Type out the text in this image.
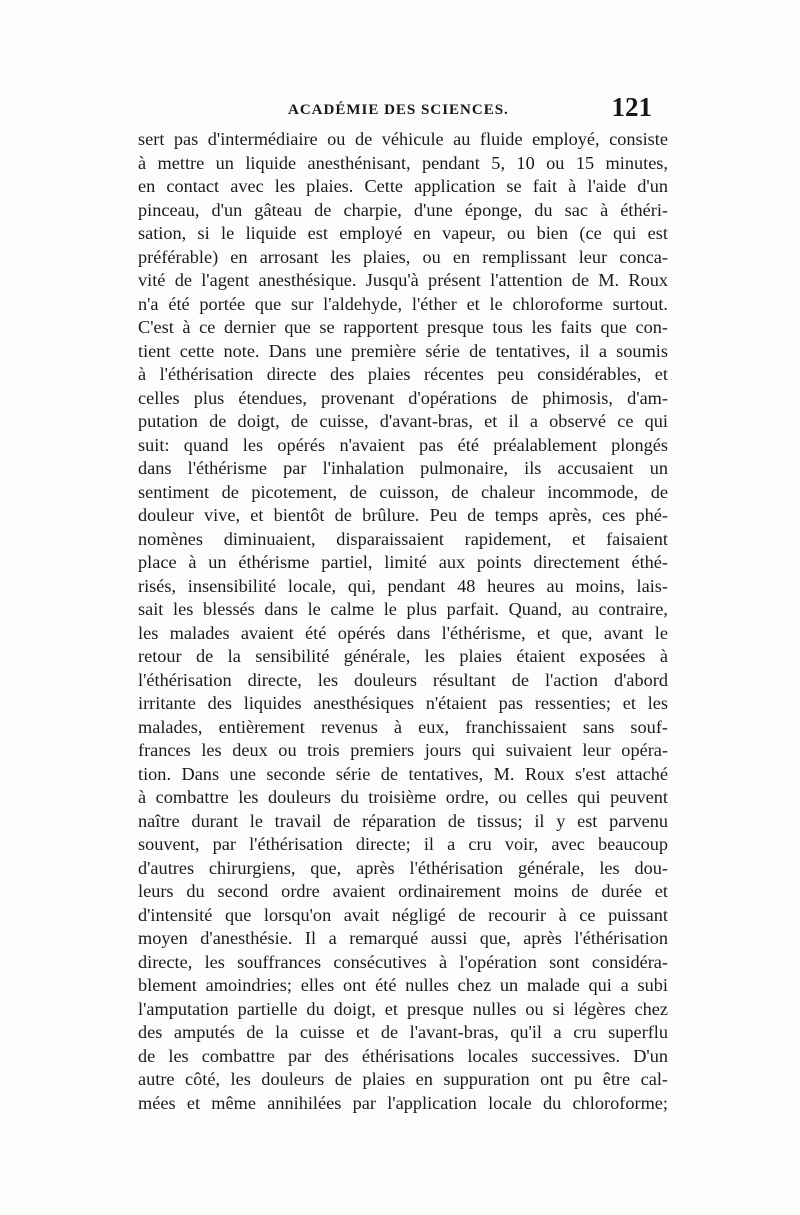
ACADÉMIE DES SCIENCES.	121
sert pas d'intermédiaire ou de véhicule au fluide employé, consiste
à mettre un liquide anesthénisant, pendant 5, 10 ou 15 minutes,
en contact avec les plaies. Cette application se fait à l'aide d'un
pinceau, d'un gâteau de charpie, d'une éponge, du sac à éthéri-
sation, si le liquide est employé en vapeur, ou bien (ce qui est
préférable) en arrosant les plaies, ou en remplissant leur conca-
vité de l'agent anesthésique. Jusqu'à présent l'attention de M. Roux
n'a été portée que sur l'aldehyde, l'éther et le chloroforme surtout.
C'est à ce dernier que se rapportent presque tous les faits que con-
tient cette note. Dans une première série de tentatives, il a soumis
à l'éthérisation directe des plaies récentes peu considérables, et
celles plus étendues, provenant d'opérations de phimosis, d'am-
putation de doigt, de cuisse, d'avant-bras, et il a observé ce qui
suit: quand les opérés n'avaient pas été préalablement plongés
dans l'éthérisme par l'inhalation pulmonaire, ils accusaient un
sentiment de picotement, de cuisson, de chaleur incommode, de
douleur vive, et bientôt de brûlure. Peu de temps après, ces phé-
nomènes diminuaient, disparaissaient rapidement, et faisaient
place à un éthérisme partiel, limité aux points directement éthé-
risés, insensibilité locale, qui, pendant 48 heures au moins, lais-
sait les blessés dans le calme le plus parfait. Quand, au contraire,
les malades avaient été opérés dans l'éthérisme, et que, avant le
retour de la sensibilité générale, les plaies étaient exposées à
l'éthérisation directe, les douleurs résultant de l'action d'abord
irritante des liquides anesthésiques n'étaient pas ressenties; et les
malades, entièrement revenus à eux, franchissaient sans souf-
frances les deux ou trois premiers jours qui suivaient leur opéra-
tion. Dans une seconde série de tentatives, M. Roux s'est attaché
à combattre les douleurs du troisième ordre, ou celles qui peuvent
naître durant le travail de réparation de tissus; il y est parvenu
souvent, par l'éthérisation directe; il a cru voir, avec beaucoup
d'autres chirurgiens, que, après l'éthérisation générale, les dou-
leurs du second ordre avaient ordinairement moins de durée et
d'intensité que lorsqu'on avait négligé de recourir à ce puissant
moyen d'anesthésie. Il a remarqué aussi que, après l'éthérisation
directe, les souffrances consécutives à l'opération sont considéra-
blement amoindries; elles ont été nulles chez un malade qui a subi
l'amputation partielle du doigt, et presque nulles ou si légères chez
des amputés de la cuisse et de l'avant-bras, qu'il a cru superflu
de les combattre par des éthérisations locales successives. D'un
autre côté, les douleurs de plaies en suppuration ont pu être cal-
mées et même annihilées par l'application locale du chloroforme;
